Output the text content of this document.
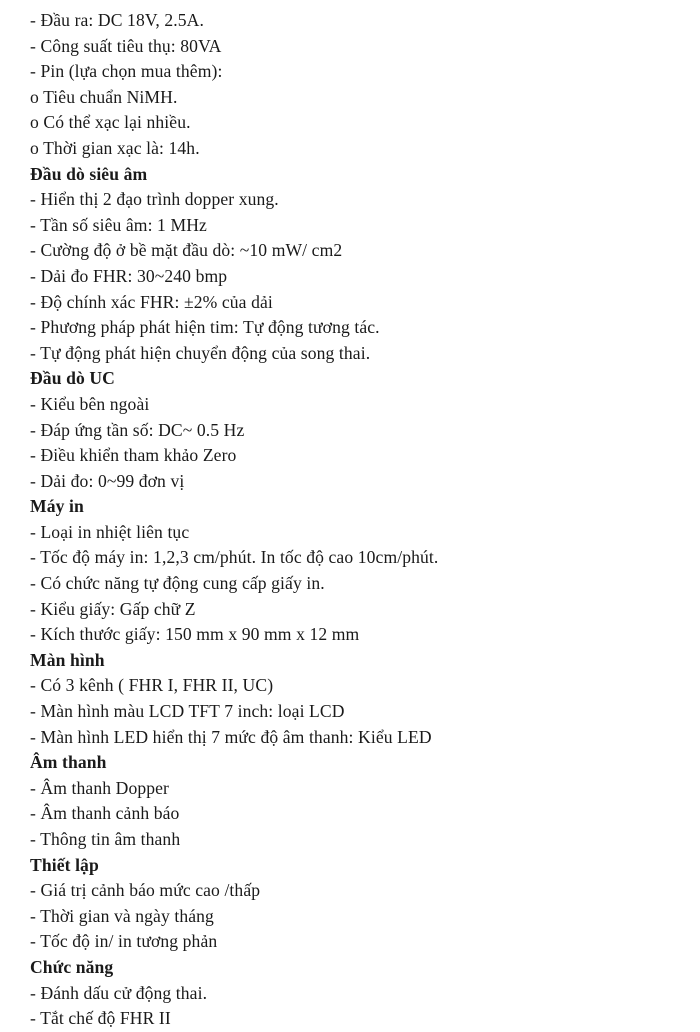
- Đầu ra: DC 18V, 2.5A.
- Công suất tiêu thụ: 80VA
- Pin (lựa chọn mua thêm):
o Tiêu chuẩn NiMH.
o Có thể xạc lại nhiều.
o Thời gian xạc là: 14h.
Đầu dò siêu âm
- Hiển thị 2 đạo trình dopper xung.
- Tần số siêu âm: 1 MHz
- Cường độ ở bề mặt đầu dò: ~10 mW/ cm2
- Dải đo FHR: 30~240 bmp
- Độ chính xác FHR: ±2% của dải
- Phương pháp phát hiện tim: Tự động tương tác.
- Tự động phát hiện chuyển động của song thai.
Đầu dò UC
- Kiểu bên ngoài
- Đáp ứng tần số: DC~ 0.5 Hz
- Điều khiển tham khảo Zero
- Dải đo: 0~99 đơn vị
Máy in
- Loại in nhiệt liên tục
- Tốc độ máy in: 1,2,3 cm/phút. In tốc độ cao 10cm/phút.
- Có chức năng tự động cung cấp giấy in.
- Kiểu giấy: Gấp chữ Z
- Kích thước giấy: 150 mm x 90 mm x 12 mm
Màn hình
- Có 3 kênh ( FHR I, FHR II, UC)
- Màn hình màu LCD TFT 7 inch: loại LCD
- Màn hình LED hiển thị 7 mức độ âm thanh: Kiểu LED
Âm thanh
- Âm thanh Dopper
- Âm thanh cảnh báo
- Thông tin âm thanh
Thiết lập
- Giá trị cảnh báo mức cao /thấp
- Thời gian và ngày tháng
- Tốc độ in/ in tương phản
Chức năng
- Đánh dấu cử động thai.
- Tắt chế độ FHR II
